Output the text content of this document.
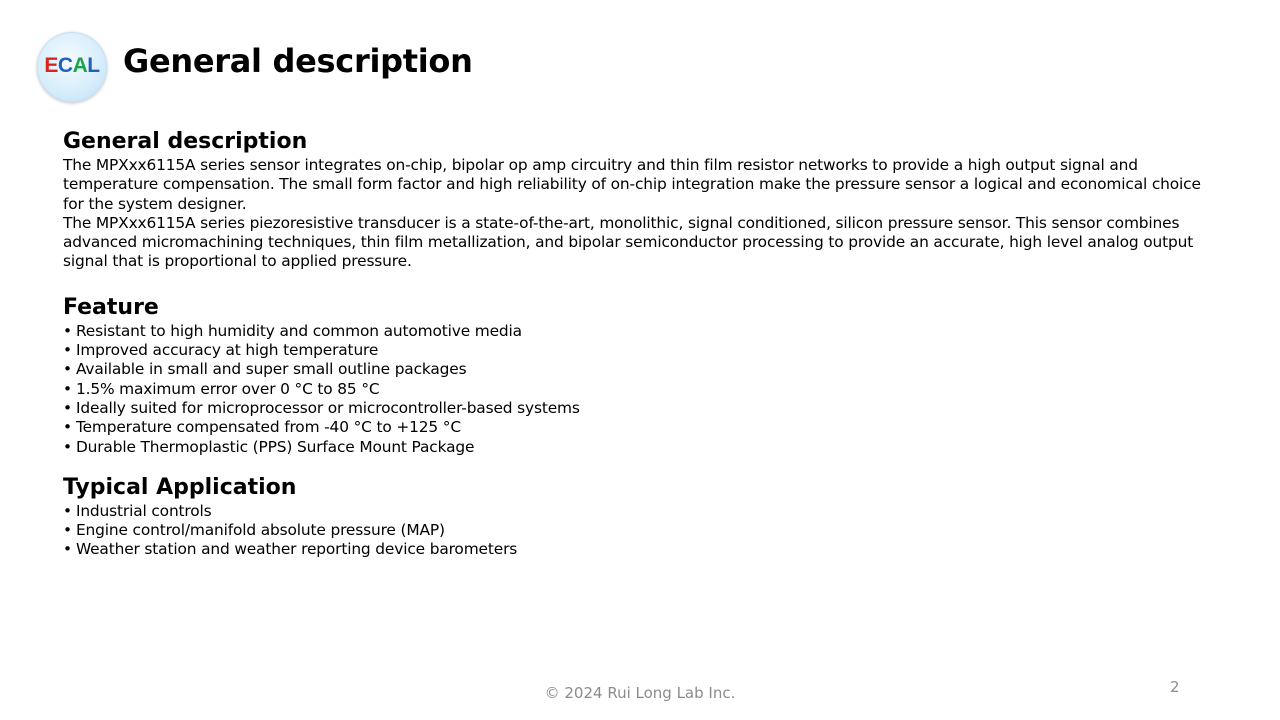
ECAL General description
General description

The MPXxx6115A series sensor integrates on-chip, bipolar op amp circuitry and thin film resistor networks to provide a high output signal and temperature compensation. The small form factor and high reliability of on-chip integration make the pressure sensor a logical and economical choice for the system designer.

The MPXxx6115A series piezoresistive transducer is a state-of-the-art, monolithic, signal conditioned, silicon pressure sensor. This sensor combines advanced micromachining techniques, thin film metallization, and bipolar semiconductor processing to provide an accurate, high level analog output signal that is proportional to applied pressure.

Feature
• Resistant to high humidity and common automotive media
• Improved accuracy at high temperature
• Available in small and super small outline packages
• 1.5% maximum error over 0 °C to 85 °C
• Ideally suited for microprocessor or microcontroller-based systems
• Temperature compensated from -40 °C to +125 °C
• Durable Thermoplastic (PPS) Surface Mount Package
Typical Application
• Industrial controls
• Engine control/manifold absolute pressure (MAP)
• Weather station and weather reporting device barometers
© 2024 Rui Long Lab Inc.	2
